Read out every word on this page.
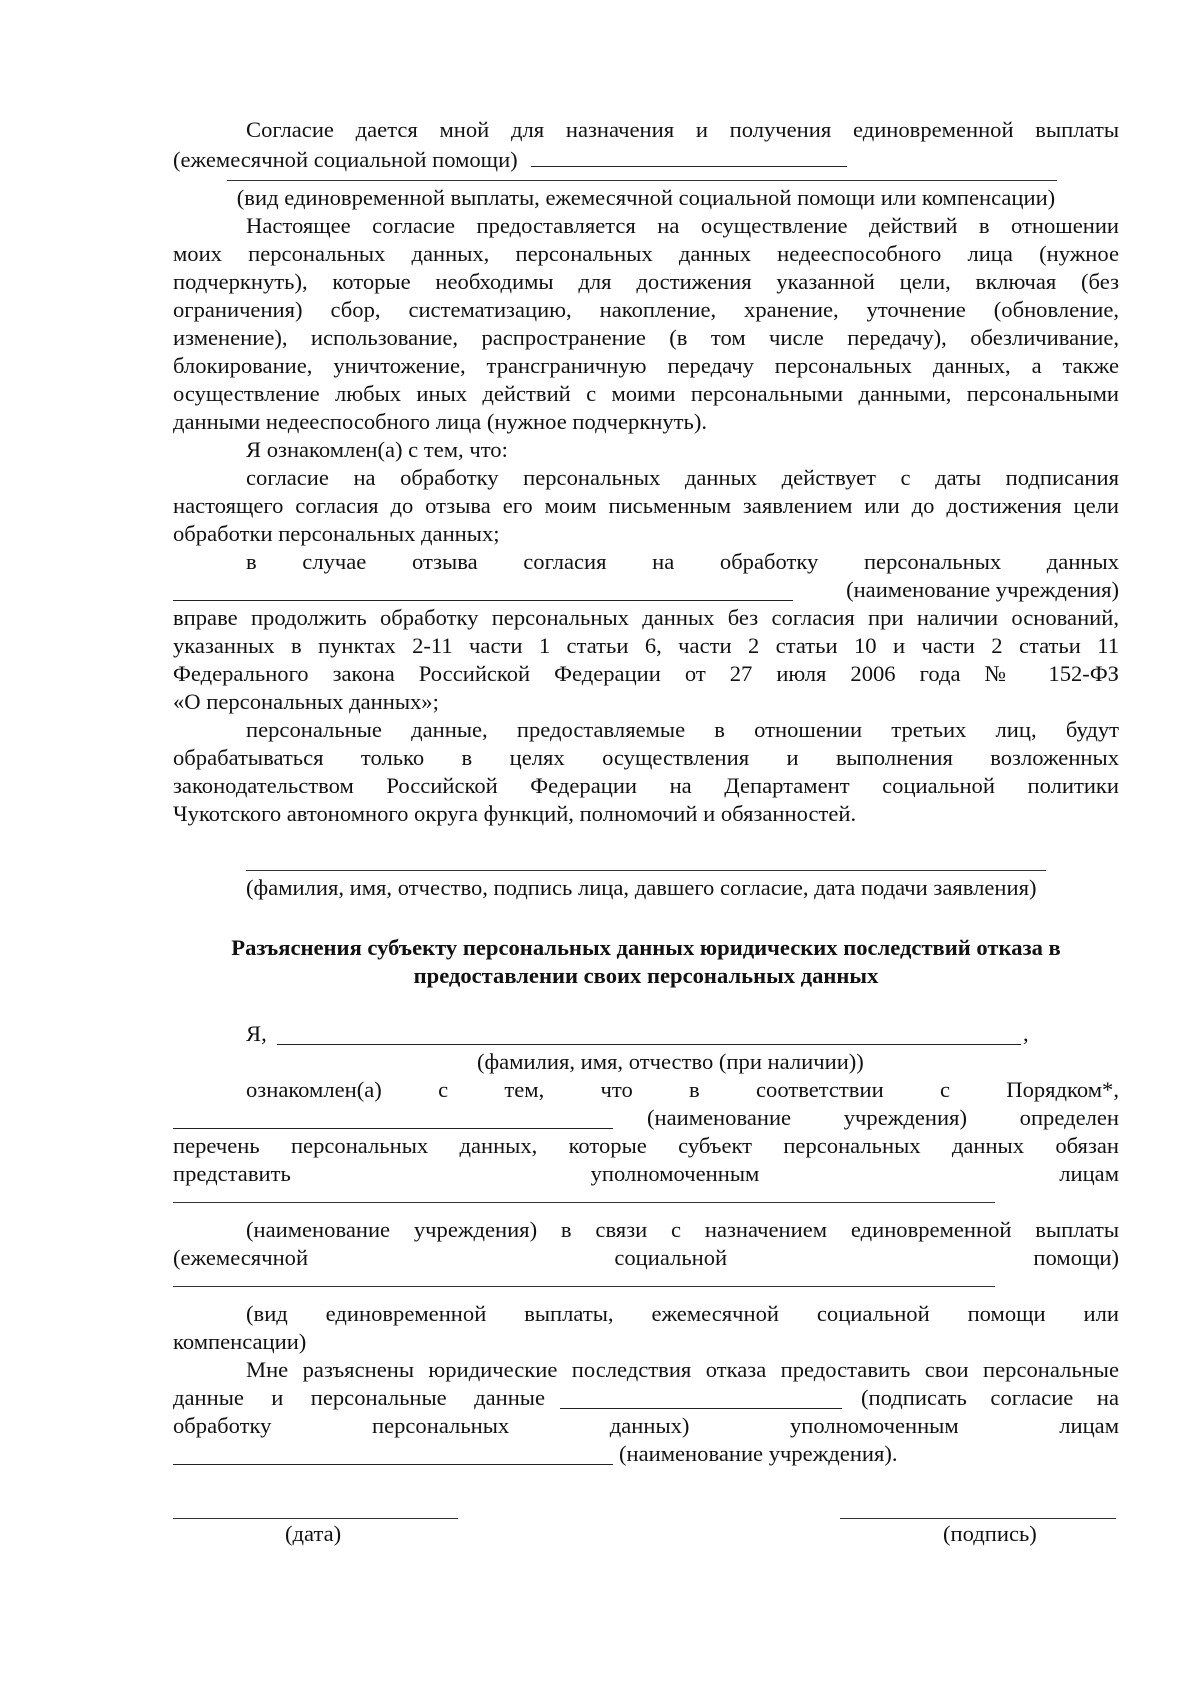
Согласие дается мной для назначения и получения единовременной выплаты
(ежемесячной социальной помощи)
(вид единовременной выплаты, ежемесячной социальной помощи или компенсации)
Настоящее согласие предоставляется на осуществление действий в отношении
моих персональных данных, персональных данных недееспособного лица (нужное
подчеркнуть), которые необходимы для достижения указанной цели, включая (без
ограничения) сбор, систематизацию, накопление, хранение, уточнение (обновление,
изменение), использование, распространение (в том числе передачу), обезличивание,
блокирование, уничтожение, трансграничную передачу персональных данных, а также
осуществление любых иных действий с моими персональными данными, персональными
данными недееспособного лица (нужное подчеркнуть).
Я ознакомлен(а) с тем, что:
согласие на обработку персональных данных действует с даты подписания
настоящего согласия до отзыва его моим письменным заявлением или до достижения цели
обработки персональных данных;
в случае отзыва согласия на обработку персональных данных
(наименование учреждения)
вправе продолжить обработку персональных данных без согласия при наличии оснований,
указанных в пунктах 2-11 части 1 статьи 6, части 2 статьи 10 и части 2 статьи 11
Федерального закона Российской Федерации от 27 июля 2006 года № 152-ФЗ
«О персональных данных»;
персональные данные, предоставляемые в отношении третьих лиц, будут
обрабатываться только в целях осуществления и выполнения возложенных
законодательством Российской Федерации на Департамент социальной политики
Чукотского автономного округа функций, полномочий и обязанностей.
(фамилия, имя, отчество, подпись лица, давшего согласие, дата подачи заявления)
Разъяснения субъекту персональных данных юридических последствий отказа в
предоставлении своих персональных данных
Я,	,
(фамилия, имя, отчество (при наличии))
ознакомлен(а) с тем, что в соответствии с Порядком*,
(наименование учреждения) определен
перечень персональных данных, которые субъект персональных данных обязан
представить уполномоченным лицам
(наименование учреждения) в связи с назначением единовременной выплаты
(ежемесячной социальной помощи)
(вид единовременной выплаты, ежемесячной социальной помощи или
компенсации)
Мне разъяснены юридические последствия отказа предоставить свои персональные
данные и персональные данные	(подписать согласие на
обработку персональных данных) уполномоченным лицам
(наименование учреждения).
(дата)	(подпись)
